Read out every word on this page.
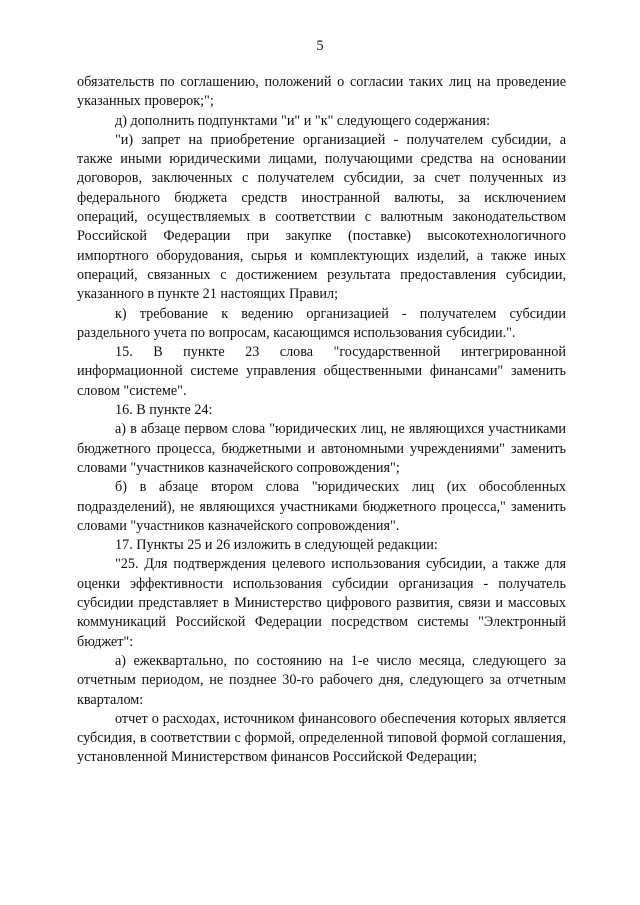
5

обязательств по соглашению, положений о согласии таких лиц на проведение указанных проверок;";

д) дополнить подпунктами "и" и "к" следующего содержания:

"и) запрет на приобретение организацией - получателем субсидии, а также иными юридическими лицами, получающими средства на основании договоров, заключенных с получателем субсидии, за счет полученных из федерального бюджета средств иностранной валюты, за исключением операций, осуществляемых в соответствии с валютным законодательством Российской Федерации при закупке (поставке) высокотехнологичного импортного оборудования, сырья и комплектующих изделий, а также иных операций, связанных с достижением результата предоставления субсидии, указанного в пункте 21 настоящих Правил;

к) требование к ведению организацией - получателем субсидии раздельного учета по вопросам, касающимся использования субсидии.".

15. В пункте 23 слова "государственной интегрированной информационной системе управления общественными финансами" заменить словом "системе".

16. В пункте 24:

а) в абзаце первом слова "юридических лиц, не являющихся участниками бюджетного процесса, бюджетными и автономными учреждениями" заменить словами "участников казначейского сопровождения";

б) в абзаце втором слова "юридических лиц (их обособленных подразделений), не являющихся участниками бюджетного процесса," заменить словами "участников казначейского сопровождения".

17. Пункты 25 и 26 изложить в следующей редакции:

"25. Для подтверждения целевого использования субсидии, а также для оценки эффективности использования субсидии организация - получатель субсидии представляет в Министерство цифрового развития, связи и массовых коммуникаций Российской Федерации посредством системы "Электронный бюджет":

а) ежеквартально, по состоянию на 1-е число месяца, следующего за отчетным периодом, не позднее 30-го рабочего дня, следующего за отчетным кварталом:

отчет о расходах, источником финансового обеспечения которых является субсидия, в соответствии с формой, определенной типовой формой соглашения, установленной Министерством финансов Российской Федерации;
